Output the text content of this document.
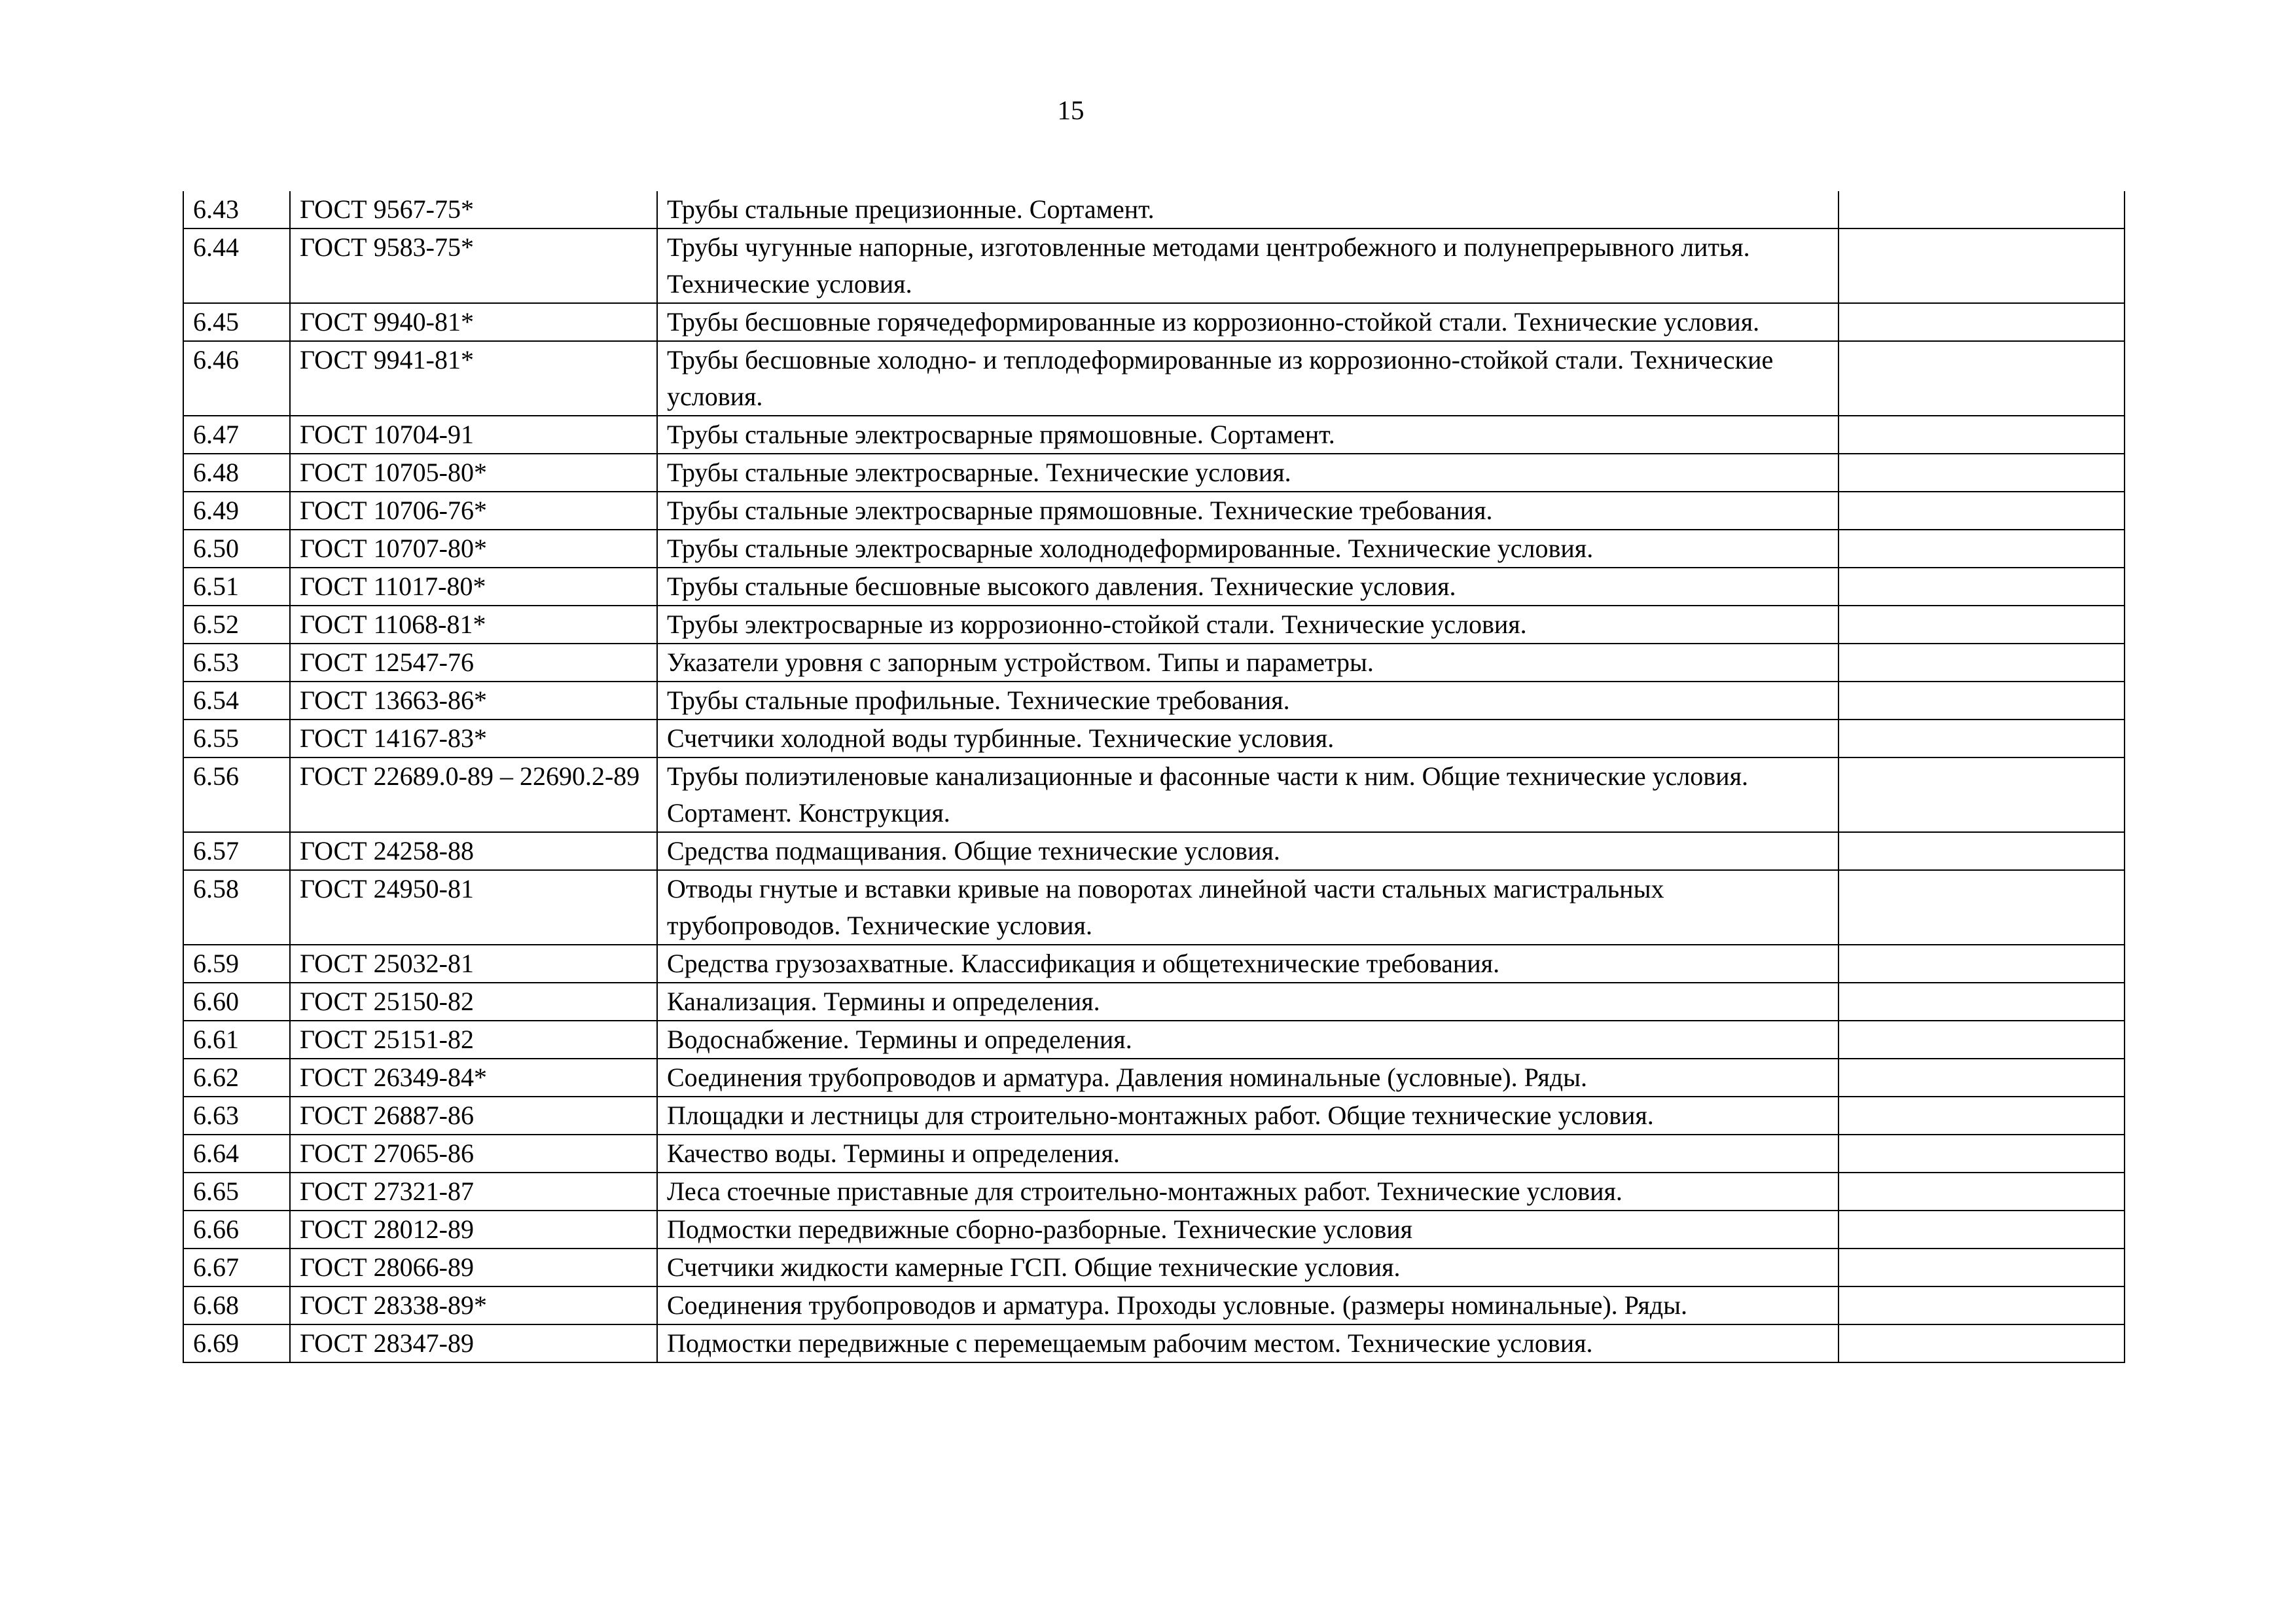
15
6.43	ГОСТ 9567-75*	Трубы стальные прецизионные. Сортамент.	
6.44	ГОСТ 9583-75*	Трубы чугунные напорные, изготовленные методами центробежного и полунепрерывного литья. Технические условия.	
6.45	ГОСТ 9940-81*	Трубы бесшовные горячедеформированные из коррозионно-стойкой стали. Технические условия.	
6.46	ГОСТ 9941-81*	Трубы бесшовные холодно- и теплодеформированные из коррозионно-стойкой стали. Технические условия.	
6.47	ГОСТ 10704-91	Трубы стальные электросварные прямошовные. Сортамент.	
6.48	ГОСТ 10705-80*	Трубы стальные электросварные. Технические условия.	
6.49	ГОСТ 10706-76*	Трубы стальные электросварные прямошовные. Технические требования.	
6.50	ГОСТ 10707-80*	Трубы стальные электросварные холоднодеформированные. Технические условия.	
6.51	ГОСТ 11017-80*	Трубы стальные бесшовные высокого давления. Технические условия.	
6.52	ГОСТ 11068-81*	Трубы электросварные из коррозионно-стойкой стали. Технические условия.	
6.53	ГОСТ 12547-76	Указатели уровня с запорным устройством. Типы и параметры.	
6.54	ГОСТ 13663-86*	Трубы стальные профильные. Технические требования.	
6.55	ГОСТ 14167-83*	Счетчики холодной воды турбинные. Технические условия.	
6.56	ГОСТ 22689.0-89 – 22690.2-89	Трубы полиэтиленовые канализационные и фасонные части к ним. Общие технические условия. Сортамент. Конструкция.	
6.57	ГОСТ 24258-88	Средства подмащивания. Общие технические условия.	
6.58	ГОСТ 24950-81	Отводы гнутые и вставки кривые на поворотах линейной части стальных магистральных трубопроводов. Технические условия.	
6.59	ГОСТ 25032-81	Средства грузозахватные. Классификация и общетехнические требования.	
6.60	ГОСТ 25150-82	Канализация. Термины и определения.	
6.61	ГОСТ 25151-82	Водоснабжение. Термины и определения.	
6.62	ГОСТ 26349-84*	Соединения трубопроводов и арматура. Давления номинальные (условные). Ряды.	
6.63	ГОСТ 26887-86	Площадки и лестницы для строительно-монтажных работ. Общие технические условия.	
6.64	ГОСТ 27065-86	Качество воды. Термины и определения.	
6.65	ГОСТ 27321-87	Леса стоечные приставные для строительно-монтажных работ. Технические условия.	
6.66	ГОСТ 28012-89	Подмостки передвижные сборно-разборные. Технические условия	
6.67	ГОСТ 28066-89	Счетчики жидкости камерные ГСП. Общие технические условия.	
6.68	ГОСТ 28338-89*	Соединения трубопроводов и арматура. Проходы условные. (размеры номинальные). Ряды.	
6.69	ГОСТ 28347-89	Подмостки передвижные с перемещаемым рабочим местом. Технические условия.	
